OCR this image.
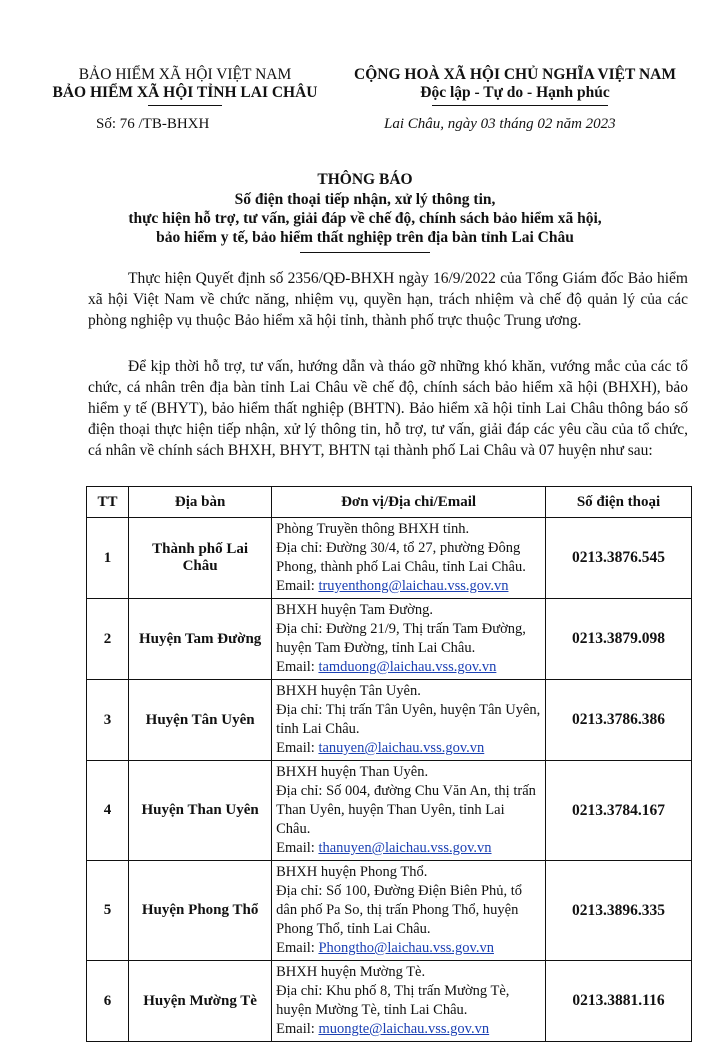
BẢO HIỂM XÃ HỘI VIỆT NAM
BẢO HIỂM XÃ HỘI TỈNH LAI CHÂU
CỘNG HOÀ XÃ HỘI CHỦ NGHĨA VIỆT NAM
Độc lập - Tự do - Hạnh phúc
Số: 76 /TB-BHXH	Lai Châu, ngày 03 tháng 02 năm 2023
THÔNG BÁO
Số điện thoại tiếp nhận, xử lý thông tin,
thực hiện hỗ trợ, tư vấn, giải đáp về chế độ, chính sách bảo hiểm xã hội,
bảo hiểm y tế, bảo hiểm thất nghiệp trên địa bàn tỉnh Lai Châu
Thực hiện Quyết định số 2356/QĐ-BHXH ngày 16/9/2022 của Tổng Giám đốc Bảo hiểm xã hội Việt Nam về chức năng, nhiệm vụ, quyền hạn, trách nhiệm và chế độ quản lý của các phòng nghiệp vụ thuộc Bảo hiểm xã hội tỉnh, thành phố trực thuộc Trung ương.
Để kịp thời hỗ trợ, tư vấn, hướng dẫn và tháo gỡ những khó khăn, vướng mắc của các tổ chức, cá nhân trên địa bàn tỉnh Lai Châu về chế độ, chính sách bảo hiểm xã hội (BHXH), bảo hiểm y tế (BHYT), bảo hiểm thất nghiệp (BHTN). Bảo hiểm xã hội tỉnh Lai Châu thông báo số điện thoại thực hiện tiếp nhận, xử lý thông tin, hỗ trợ, tư vấn, giải đáp các yêu cầu của tổ chức, cá nhân về chính sách BHXH, BHYT, BHTN tại thành phố Lai Châu và 07 huyện như sau:
TT	Địa bàn	Đơn vị/Địa chỉ/Email	Số điện thoại
1	Thành phố Lai Châu	Phòng Truyền thông BHXH tỉnh.
Địa chỉ: Đường 30/4, tổ 27, phường Đông Phong, thành phố Lai Châu, tỉnh Lai Châu.
Email: truyenthong@laichau.vss.gov.vn	0213.3876.545
2	Huyện Tam Đường	BHXH huyện Tam Đường.
Địa chỉ: Đường 21/9, Thị trấn Tam Đường, huyện Tam Đường, tỉnh Lai Châu.
Email: tamduong@laichau.vss.gov.vn	0213.3879.098
3	Huyện Tân Uyên	BHXH huyện Tân Uyên.
Địa chỉ: Thị trấn Tân Uyên, huyện Tân Uyên, tỉnh Lai Châu.
Email: tanuyen@laichau.vss.gov.vn	0213.3786.386
4	Huyện Than Uyên	BHXH huyện Than Uyên.
Địa chỉ: Số 004, đường Chu Văn An, thị trấn Than Uyên, huyện Than Uyên, tỉnh Lai Châu.
Email: thanuyen@laichau.vss.gov.vn	0213.3784.167
5	Huyện Phong Thổ	BHXH huyện Phong Thổ.
Địa chỉ: Số 100, Đường Điện Biên Phủ, tổ dân phố Pa So, thị trấn Phong Thổ, huyện Phong Thổ, tỉnh Lai Châu.
Email: Phongtho@laichau.vss.gov.vn	0213.3896.335
6	Huyện Mường Tè	BHXH huyện Mường Tè.
Địa chỉ: Khu phố 8, Thị trấn Mường Tè, huyện Mường Tè, tỉnh Lai Châu.
Email: muongte@laichau.vss.gov.vn	0213.3881.116
